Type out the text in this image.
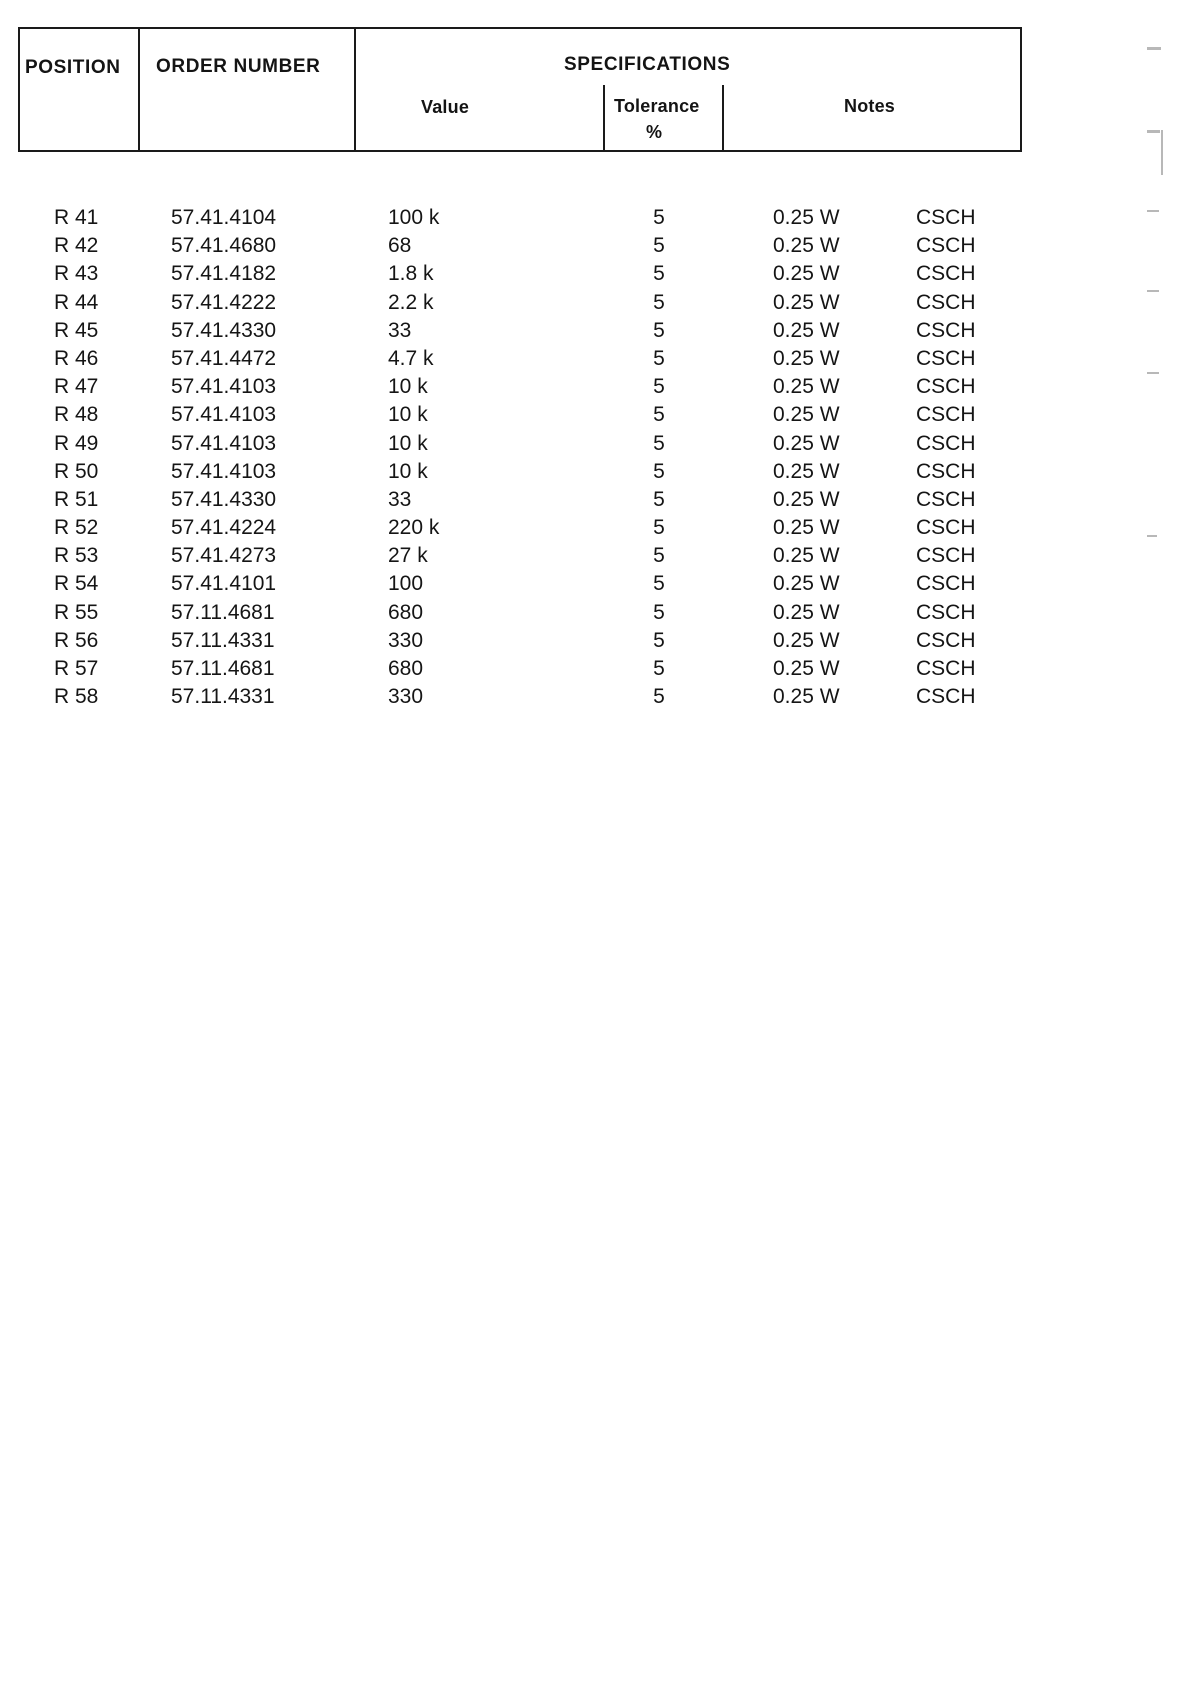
POSITION ORDER NUMBER	SPECIFICATIONS
Value	Tolerance
%
Notes
R 41	57.41.4104	100 k	5	0.25 W	CSCH
R 42	57.41.4680	68	5	0.25 W	CSCH
R 43	57.41.4182	1.8 k	5	0.25 W	CSCH
R 44	57.41.4222	2.2 k	5	0.25 W	CSCH
R 45	57.41.4330	33	5	0.25 W	CSCH
R 46	57.41.4472	4.7 k	5	0.25 W	CSCH
R 47	57.41.4103	10 k	5	0.25 W	CSCH
R 48	57.41.4103	10 k	5	0.25 W	CSCH
R 49	57.41.4103	10 k	5	0.25 W	CSCH
R 50	57.41.4103	10 k	5	0.25 W	CSCH
R 51	57.41.4330	33	5	0.25 W	CSCH
R 52	57.41.4224	220 k	5	0.25 W	CSCH
R 53	57.41.4273	27 k	5	0.25 W	CSCH
R 54	57.41.4101	100	5	0.25 W	CSCH
R 55	57.11.4681	680	5	0.25 W	CSCH
R 56	57.11.4331	330	5	0.25 W	CSCH
R 57	57.11.4681	680	5	0.25 W	CSCH
R 58	57.11.4331	330	5	0.25 W	CSCH
